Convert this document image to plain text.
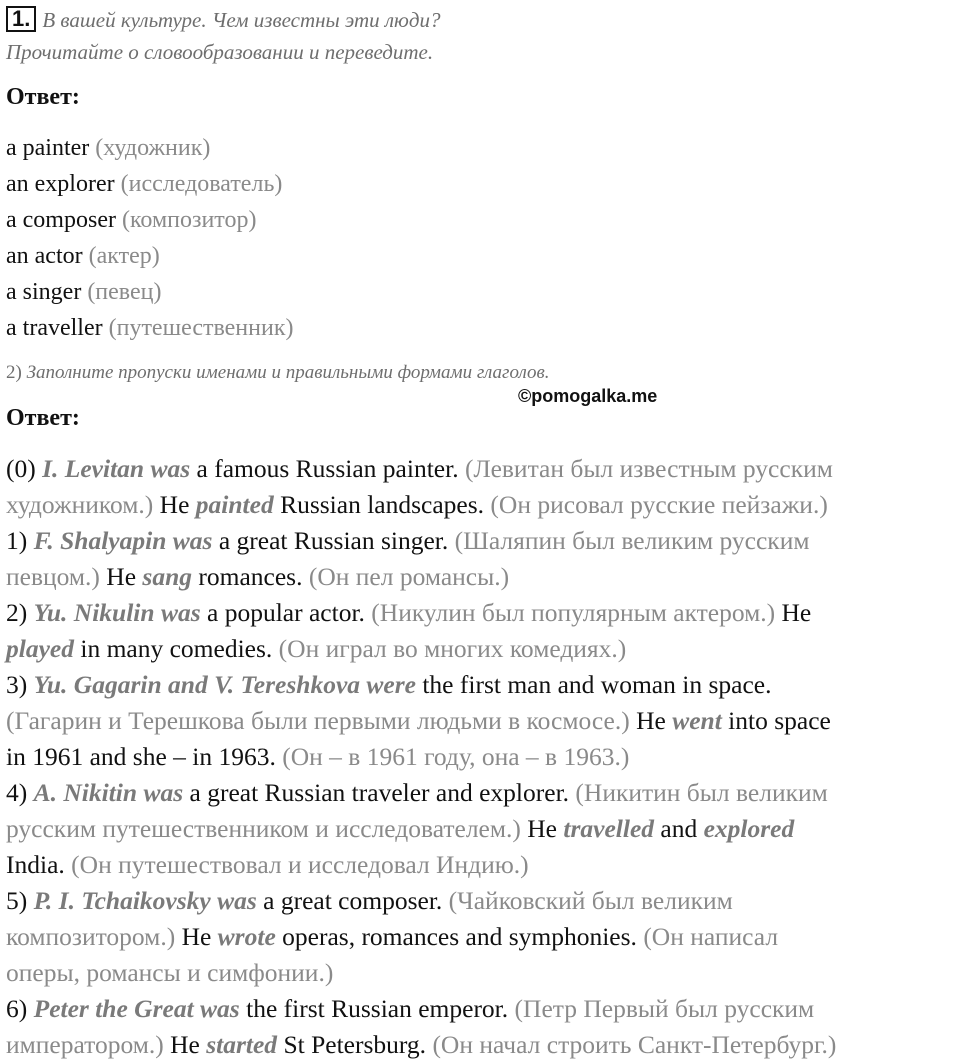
1. В вашей культуре. Чем известны эти люди?
Прочитайте о словообразовании и переведите.
Ответ:
a painter (художник)
an explorer (исследователь)
a composer (композитор)
an actor (актер)
a singer (певец)
a traveller (путешественник)
2) Заполните пропуски именами и правильными формами глаголов.
©pomogalka.me
Ответ:
(0) I. Levitan was a famous Russian painter. (Левитан был известным русским
художником.) He painted Russian landscapes. (Он рисовал русские пейзажи.)
1) F. Shalyapin was a great Russian singer. (Шаляпин был великим русским
певцом.) He sang romances. (Он пел романсы.)
2) Yu. Nikulin was a popular actor. (Никулин был популярным актером.) He
played in many comedies. (Он играл во многих комедиях.)
3) Yu. Gagarin and V. Tereshkova were the first man and woman in space.
(Гагарин и Терешкова были первыми людьми в космосе.) He went into space
in 1961 and she – in 1963. (Он – в 1961 году, она – в 1963.)
4) A. Nikitin was a great Russian traveler and explorer. (Никитин был великим
русским путешественником и исследователем.) He travelled and explored
India. (Он путешествовал и исследовал Индию.)
5) P. I. Tchaikovsky was a great composer. (Чайковский был великим
композитором.) He wrote operas, romances and symphonies. (Он написал
оперы, романсы и симфонии.)
6) Peter the Great was the first Russian emperor. (Петр Первый был русским
императором.) He started St Petersburg. (Он начал строить Санкт-Петербург.)
